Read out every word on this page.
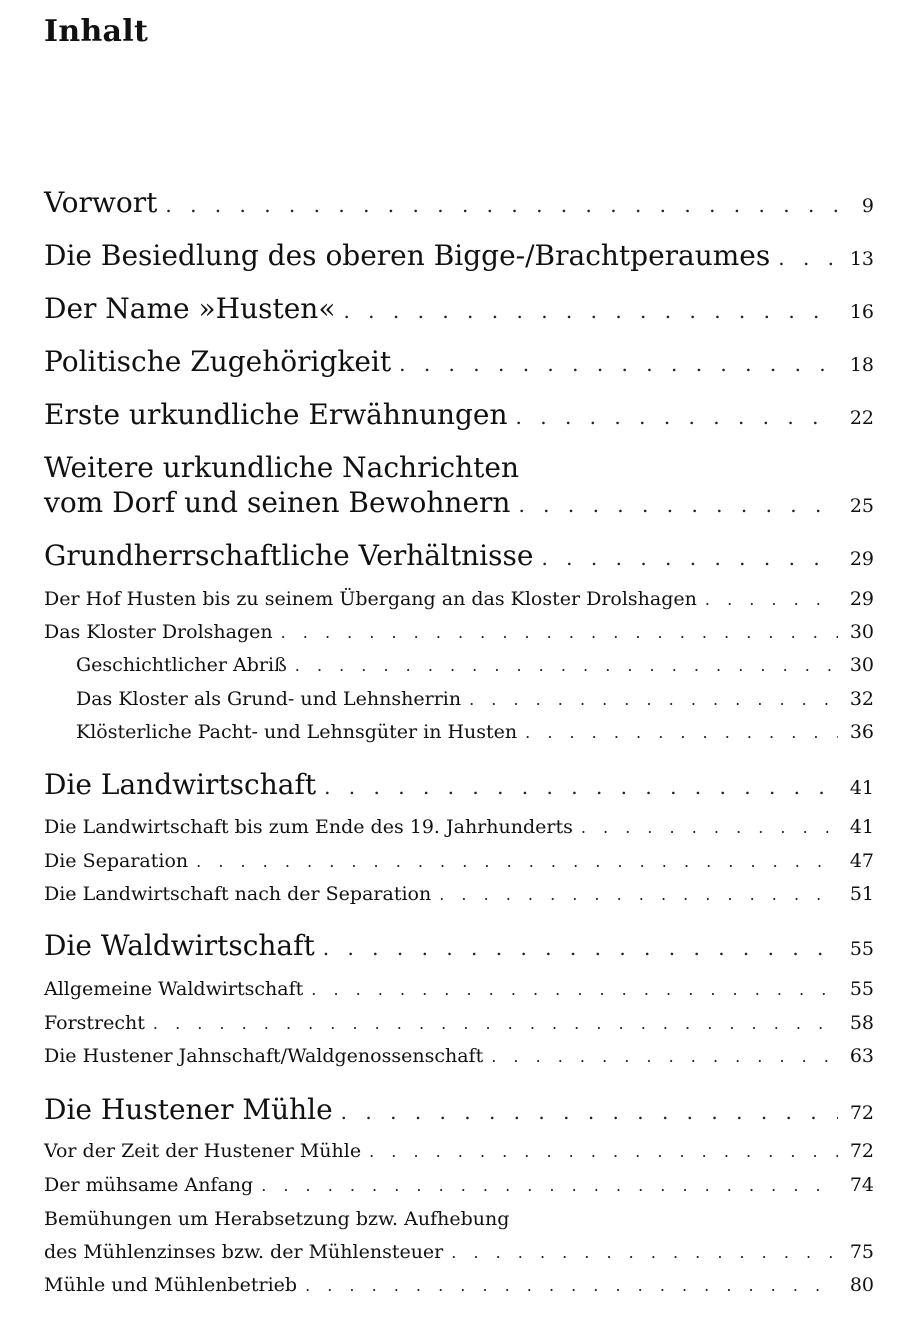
Inhalt
Vorwort . . .	9
Die Besiedlung des oberen Bigge-/Brachtperaumes . . .	13
Der Name »Husten« . . .	16
Politische Zugehörigkeit . . .	18
Erste urkundliche Erwähnungen . . .	22
Weitere urkundliche Nachrichten
vom Dorf und seinen Bewohnern . . .	25
Grundherrschaftliche Verhältnisse . . .	29
Der Hof Husten bis zu seinem Übergang an das Kloster Drolshagen . . .	29
Das Kloster Drolshagen . . .	30
Geschichtlicher Abriß . . .	30
Das Kloster als Grund- und Lehnsherrin . . .	32
Klösterliche Pacht- und Lehnsgüter in Husten . . .	36
Die Landwirtschaft . . .	41
Die Landwirtschaft bis zum Ende des 19. Jahrhunderts . . .	41
Die Separation . . .	47
Die Landwirtschaft nach der Separation . . .	51
Die Waldwirtschaft . . .	55
Allgemeine Waldwirtschaft . . .	55
Forstrecht . . .	58
Die Hustener Jahnschaft/Waldgenossenschaft . . .	63
Die Hustener Mühle . . .	72
Vor der Zeit der Hustener Mühle . . .	72
Der mühsame Anfang . . .	74
Bemühungen um Herabsetzung bzw. Aufhebung
des Mühlenzinses bzw. der Mühlensteuer . . .	75
Mühle und Mühlenbetrieb . . .	80
